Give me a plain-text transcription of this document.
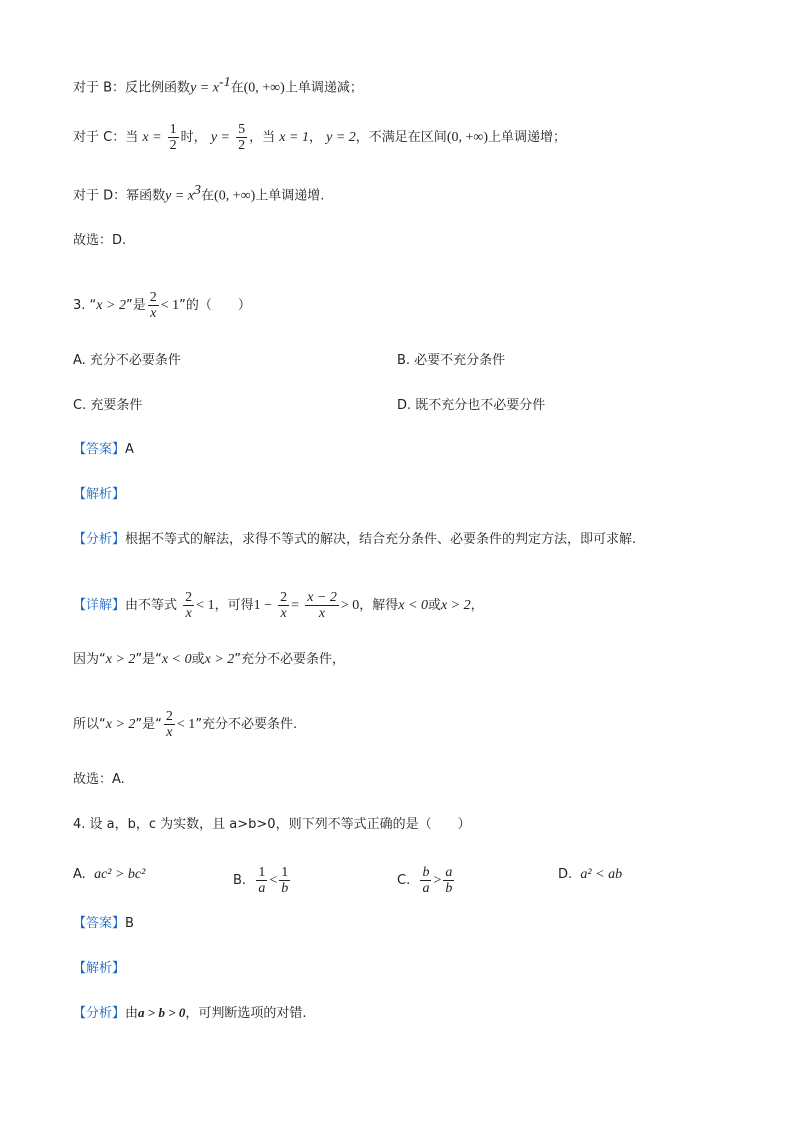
对于 B：反比例函数$y = x^{-1}$在(0, +∞)上单调递减；
对于 C：当 $x = \frac{1}{2}$ 时， $y = \frac{5}{2}$ ，当 x = 1， y = 2，不满足在区间(0, +∞)上单调递增；
对于 D：幂函数$y = x^3$在(0, +∞)上单调递增.
故选：D.
3. “x > 2”是 $\frac{2}{x} < 1$”的（　　）
A. 充分不必要条件	B. 必要不充分条件
C. 充要条件	D. 既不充分也不必要分件
【答案】A
【解析】
【分析】根据不等式的解法，求得不等式的解决，结合充分条件、必要条件的判定方法，即可求解.
【详解】由不等式 $\frac{2}{x} < 1$，可得$1 - \frac{2}{x} = \frac{x - 2}{x} > 0$，解得x < 0或x > 2，
因为“x > 2”是“x < 0或x > 2”充分不必要条件，
所以“x > 2”是“ $\frac{2}{x} < 1$”充分不必要条件.
故选：A.
4. 设 a，b，c 为实数，且 a>b>0，则下列不等式正确的是（　　）
A. ac² > bc²	B. $\frac{1}{a} < \frac{1}{b}$	C. $\frac{b}{a} > \frac{a}{b}$	D. a² < ab
【答案】B
【解析】
【分析】由a > b > 0，可判断选项的对错.
